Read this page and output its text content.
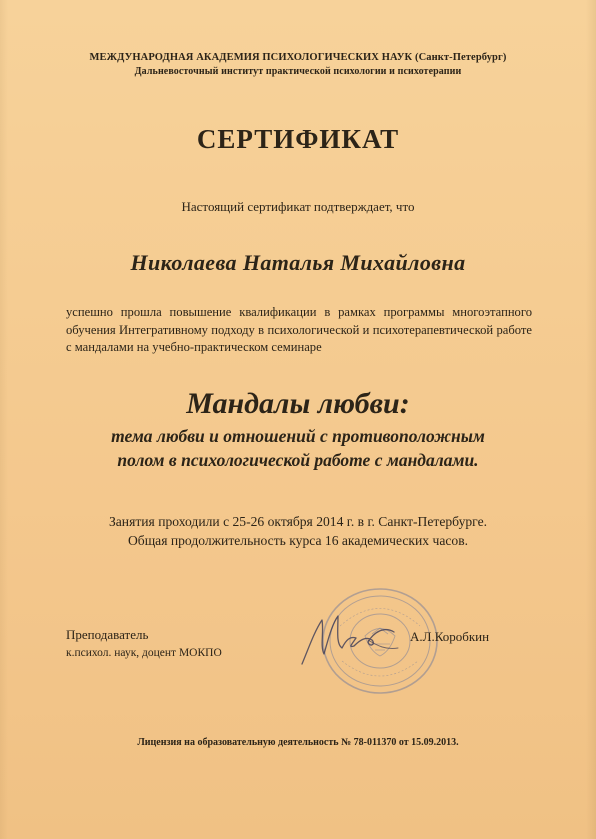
МЕЖДУНАРОДНАЯ АКАДЕМИЯ ПСИХОЛОГИЧЕСКИХ НАУК (Санкт-Петербург)
Дальневосточный институт практической психологии и психотерапии
СЕРТИФИКАТ
Настоящий сертификат подтверждает, что
Николаева Наталья Михайловна
успешно прошла повышение квалификации в рамках программы многоэтапного обучения Интегративному подходу в психологической и психотерапевтической работе с мандалами на учебно-практическом семинаре
Мандалы любви:
тема любви и отношений с противоположным
полом в психологической работе с мандалами.
Занятия проходили с 25-26 октября 2014 г. в г. Санкт-Петербурге.
Общая продолжительность курса 16 академических часов.
Преподаватель
к.психол. наук, доцент МОКПО
А.Л.Коробкин
Лицензия на образовательную деятельность № 78-011370 от 15.09.2013.
